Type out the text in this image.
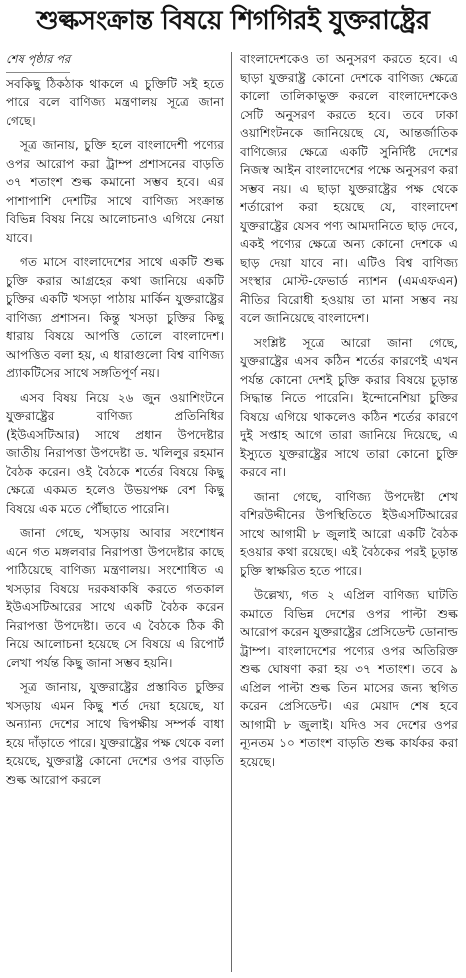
শুল্কসংক্রান্ত বিষয়ে শিগগিরই যুক্তরাষ্ট্রের
শেষ পৃষ্ঠার পর

সবকিছু ঠিকঠাক থাকলে এ চুক্তিটি সই হতে পারে বলে বাণিজ্য মন্ত্রণালয় সূত্রে জানা গেছে।

সূত্র জানায়, চুক্তি হলে বাংলাদেশী পণ্যের ওপর আরোপ করা ট্রাম্প প্রশাসনের বাড়তি ৩৭ শতাংশ শুল্ক কমানো সম্ভব হবে। এর পাশাপাশি দেশটির সাথে বাণিজ্য সংক্রান্ত বিভিন্ন বিষয় নিয়ে আলোচনাও এগিয়ে নেয়া যাবে।

গত মাসে বাংলাদেশের সাথে একটি শুল্ক চুক্তি করার আগ্রহের কথা জানিয়ে একটি চুক্তির একটি খসড়া পাঠায় মার্কিন যুক্তরাষ্ট্রের বাণিজ্য প্রশাসন। কিন্তু খসড়া চুক্তির কিছু ধারায় বিষয়ে আপত্তি তোলে বাংলাদেশ। আপত্তিত বলা হয়, এ ধারাগুলো বিশ্ব বাণিজ্য প্র্যাকটিসের সাথে সঙ্গতিপূর্ণ নয়।

এসব বিষয় নিয়ে ২৬ জুন ওয়াশিংটনে যুক্তরাষ্ট্রের বাণিজ্য প্রতিনিধির (ইউএসটিআর) সাথে প্রধান উপদেষ্টার জাতীয় নিরাপত্তা উপদেষ্টা ড. খলিলুর রহমান বৈঠক করেন। ওই বৈঠকে শর্তের বিষয়ে কিছু ক্ষেত্রে একমত হলেও উভয়পক্ষ বেশ কিছু বিষয়ে এক মতে পৌঁছাতে পারেনি।

জানা গেছে, খসড়ায় আবার সংশোধন এনে গত মঙ্গলবার নিরাপত্তা উপদেষ্টার কাছে পাঠিয়েছে বাণিজ্য মন্ত্রণালয়। সংশোধিত এ খসড়ার বিষয়ে দরকষাকষি করতে গতকাল ইউএসটিআরের সাথে একটি বৈঠক করেন নিরাপত্তা উপদেষ্টা। তবে এ বৈঠকে ঠিক কী নিয়ে আলোচনা হয়েছে সে বিষয়ে এ রিপোর্ট লেখা পর্যন্ত কিছু জানা সম্ভব হয়নি।

সূত্র জানায়, যুক্তরাষ্ট্রের প্রস্তাবিত চুক্তির খসড়ায় এমন কিছু শর্ত দেয়া হয়েছে, যা অন্যান্য দেশের সাথে দ্বিপক্ষীয় সম্পর্ক বাধা হয়ে দাঁড়াতে পারে। যুক্তরাষ্ট্রের পক্ষ থেকে বলা হয়েছে, যুক্তরাষ্ট্র কোনো দেশের ওপর বাড়তি শুল্ক আরোপ করলে

বাংলাদেশকেও তা অনুসরণ করতে হবে। এ ছাড়া যুক্তরাষ্ট্র কোনো দেশকে বাণিজ্য ক্ষেত্রে কালো তালিকাভুক্ত করলে বাংলাদেশকেও সেটি অনুসরণ করতে হবে। তবে ঢাকা ওয়াশিংটনকে জানিয়েছে যে, আন্তর্জাতিক বাণিজ্যের ক্ষেত্রে একটি সুনির্দিষ্ট দেশের নিজস্ব আইন বাংলাদেশের পক্ষে অনুসরণ করা সম্ভব নয়। এ ছাড়া যুক্তরাষ্ট্রের পক্ষ থেকে শর্তারোপ করা হয়েছে যে, বাংলাদেশ যুক্তরাষ্ট্রের যেসব পণ্য আমদানিতে ছাড় দেবে, একই পণ্যের ক্ষেত্রে অন্য কোনো দেশকে এ ছাড় দেয়া যাবে না। এটিও বিশ্ব বাণিজ্য সংস্থার মোস্ট-ফেভার্ড ন্যাশন (এমএফএন) নীতির বিরোধী হওয়ায় তা মানা সম্ভব নয় বলে জানিয়েছে বাংলাদেশ।

সংশ্লিষ্ট সূত্রে আরো জানা গেছে, যুক্তরাষ্ট্রের এসব কঠিন শর্তের কারণেই এখন পর্যন্ত কোনো দেশই চুক্তি করার বিষয়ে চূড়ান্ত সিদ্ধান্ত নিতে পারেনি। ইন্দোনেশিয়া চুক্তির বিষয়ে এগিয়ে থাকলেও কঠিন শর্তের কারণে দুই সপ্তাহ আগে তারা জানিয়ে দিয়েছে, এ ইস্যুতে যুক্তরাষ্ট্রের সাথে তারা কোনো চুক্তি করবে না।

জানা গেছে, বাণিজ্য উপদেষ্টা শেখ বশিরউদ্দীনের উপস্থিতিতে ইউএসটিআরের সাথে আগামী ৮ জুলাই আরো একটি বৈঠক হওয়ার কথা রয়েছে। এই বৈঠকের পরই চূড়ান্ত চুক্তি স্বাক্ষরিত হতে পারে।

উল্লেখ্য, গত ২ এপ্রিল বাণিজ্য ঘাটতি কমাতে বিভিন্ন দেশের ওপর পাল্টা শুল্ক আরোপ করেন যুক্তরাষ্ট্রের প্রেসিডেন্ট ডোনাল্ড ট্রাম্প। বাংলাদেশের পণ্যের ওপর অতিরিক্ত শুল্ক ঘোষণা করা হয় ৩৭ শতাংশ। তবে ৯ এপ্রিল পাল্টা শুল্ক তিন মাসের জন্য স্থগিত করেন প্রেসিডেন্ট। এর মেয়াদ শেষ হবে আগামী ৮ জুলাই। যদিও সব দেশের ওপর ন্যূনতম ১০ শতাংশ বাড়তি শুল্ক কার্যকর করা হয়েছে।
